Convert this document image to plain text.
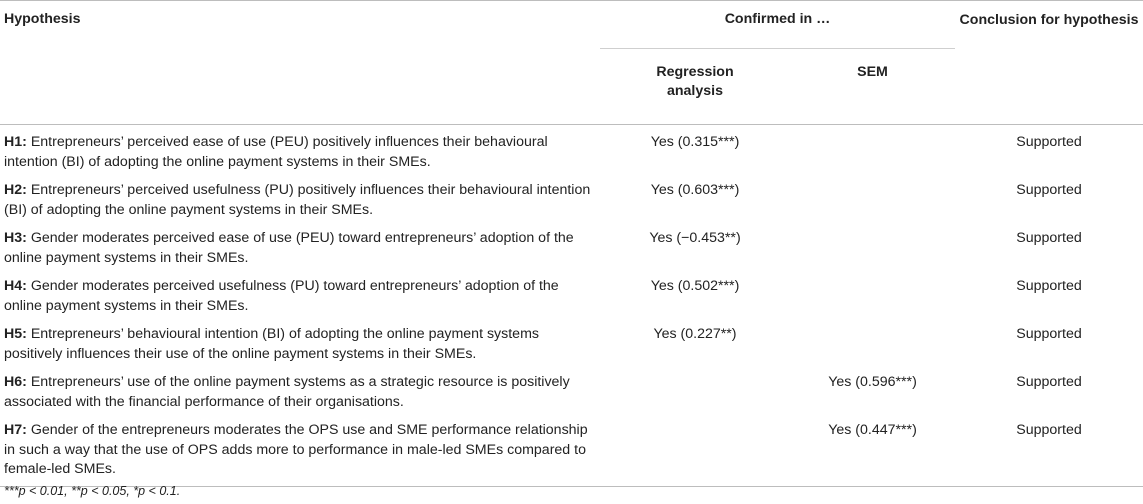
Hypothesis	Confirmed in …		Conclusion for hypothesis
	Regression analysis	SEM	
H1: Entrepreneurs’ perceived ease of use (PEU) positively influences their behavioural intention (BI) of adopting the online payment systems in their SMEs.	Yes (0.315***)		Supported
H2: Entrepreneurs’ perceived usefulness (PU) positively influences their behavioural intention (BI) of adopting the online payment systems in their SMEs.	Yes (0.603***)		Supported
H3: Gender moderates perceived ease of use (PEU) toward entrepreneurs’ adoption of the online payment systems in their SMEs.	Yes (−0.453**)		Supported
H4: Gender moderates perceived usefulness (PU) toward entrepreneurs’ adoption of the online payment systems in their SMEs.	Yes (0.502***)		Supported
H5: Entrepreneurs’ behavioural intention (BI) of adopting the online payment systems positively influences their use of the online payment systems in their SMEs.	Yes (0.227**)		Supported
H6: Entrepreneurs’ use of the online payment systems as a strategic resource is positively associated with the financial performance of their organisations.		Yes (0.596***)	Supported
H7: Gender of the entrepreneurs moderates the OPS use and SME performance relationship in such a way that the use of OPS adds more to performance in male-led SMEs compared to female-led SMEs.		Yes (0.447***)	Supported
***p < 0.01, **p < 0.05, *p < 0.1.
